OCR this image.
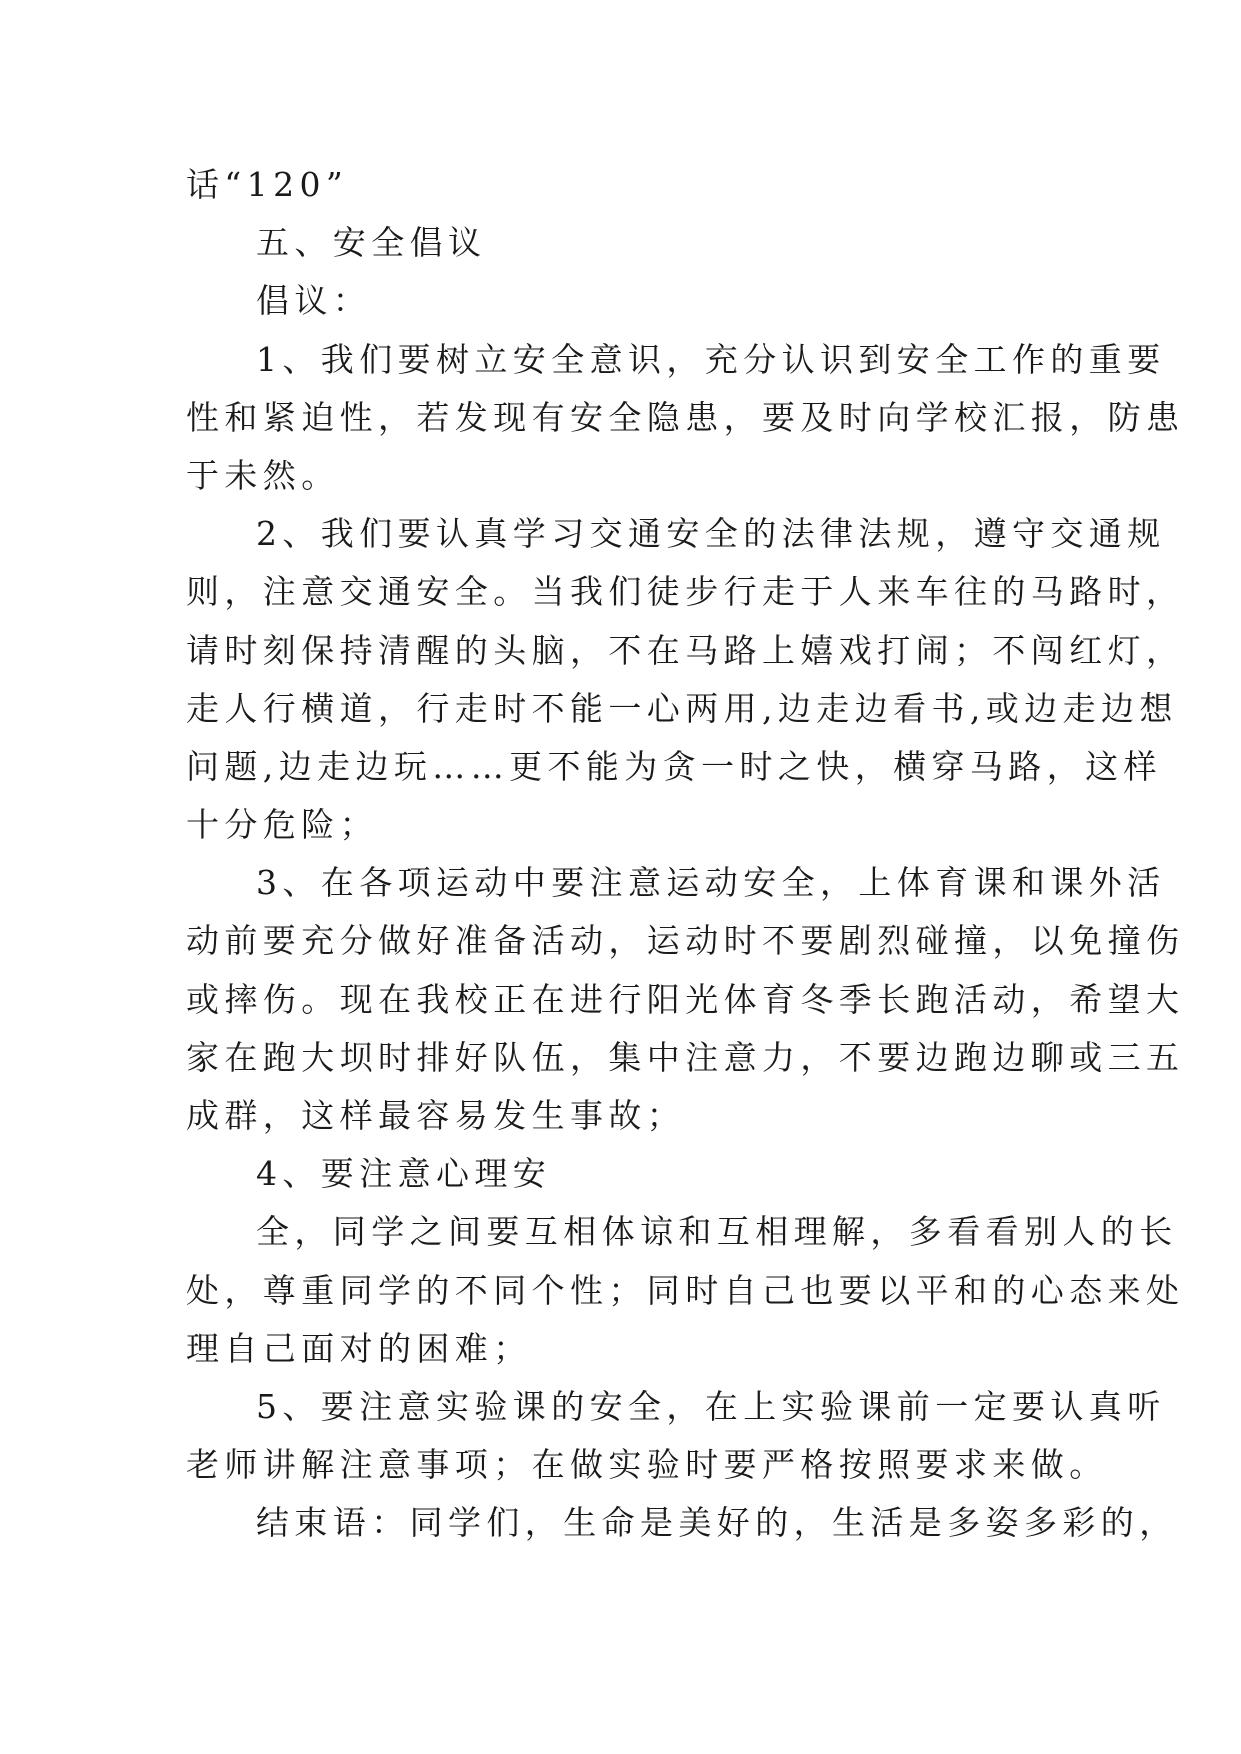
话“120”
五、安全倡议
倡议：
1、我们要树立安全意识，充分认识到安全工作的重要
性和紧迫性，若发现有安全隐患，要及时向学校汇报，防患
于未然。
2、我们要认真学习交通安全的法律法规，遵守交通规
则，注意交通安全。当我们徒步行走于人来车往的马路时，
请时刻保持清醒的头脑，不在马路上嬉戏打闹；不闯红灯，
走人行横道，行走时不能一心两用,边走边看书,或边走边想
问题,边走边玩……更不能为贪一时之快，横穿马路，这样
十分危险；
3、在各项运动中要注意运动安全，上体育课和课外活
动前要充分做好准备活动，运动时不要剧烈碰撞，以免撞伤
或摔伤。现在我校正在进行阳光体育冬季长跑活动，希望大
家在跑大坝时排好队伍，集中注意力，不要边跑边聊或三五
成群，这样最容易发生事故；
4、要注意心理安
全，同学之间要互相体谅和互相理解，多看看别人的长
处，尊重同学的不同个性；同时自己也要以平和的心态来处
理自己面对的困难；
5、要注意实验课的安全，在上实验课前一定要认真听
老师讲解注意事项；在做实验时要严格按照要求来做。
结束语：同学们，生命是美好的，生活是多姿多彩的，
